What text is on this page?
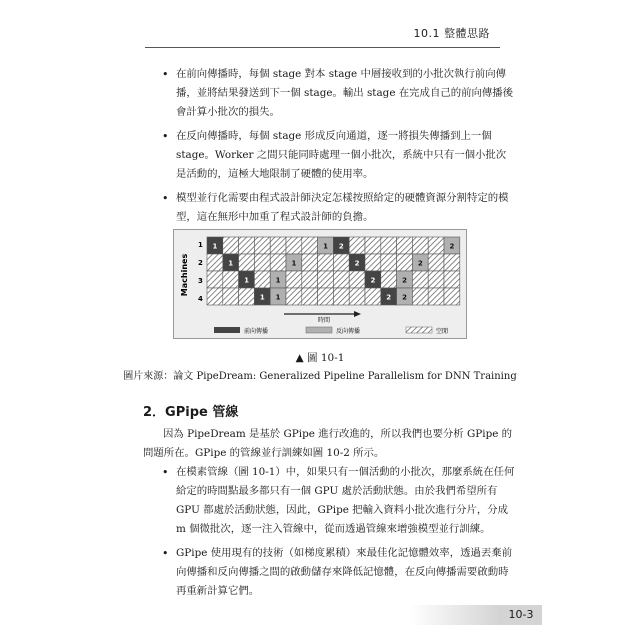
10.1 整體思路
• 在前向傳播時，每個 stage 對本 stage 中層接收到的小批次執行前向傳播，並將結果發送到下一個 stage。輸出 stage 在完成自己的前向傳播後會計算小批次的損失。
• 在反向傳播時，每個 stage 形成反向通道，逐一將損失傳播到上一個 stage。Worker 之間只能同時處理一個小批次，系統中只有一個小批次是活動的，這極大地限制了硬體的使用率。
• 模型並行化需要由程式設計師決定怎樣按照給定的硬體資源分割特定的模型，這在無形中加重了程式設計師的負擔。
1	1 2	2
1	1	2	2
1	1	2	2
1 1	2 2
Machines
1
2
3
4
時間
前向傳播	反向傳播	空閒
▲ 圖 10-1
圖片來源：論文 PipeDream: Generalized Pipeline Parallelism for DNN Training
2．GPipe 管線

因為 PipeDream 是基於 GPipe 進行改進的，所以我們也要分析 GPipe 的問題所在。GPipe 的管線並行訓練如圖 10-2 所示。

• 在模素管線（圖 10-1）中，如果只有一個活動的小批次，那麼系統在任何給定的時間點最多都只有一個 GPU 處於活動狀態。由於我們希望所有 GPU 都處於活動狀態，因此，GPipe 把輸入資料小批次進行分片，分成 m 個微批次，逐一注入管線中，從而透過管線來增強模型並行訓練。
• GPipe 使用現有的技術（如梯度累積）來最佳化記憶體效率，透過丟棄前向傳播和反向傳播之間的啟動儲存來降低記憶體，在反向傳播需要啟動時再重新計算它們。
10-3
